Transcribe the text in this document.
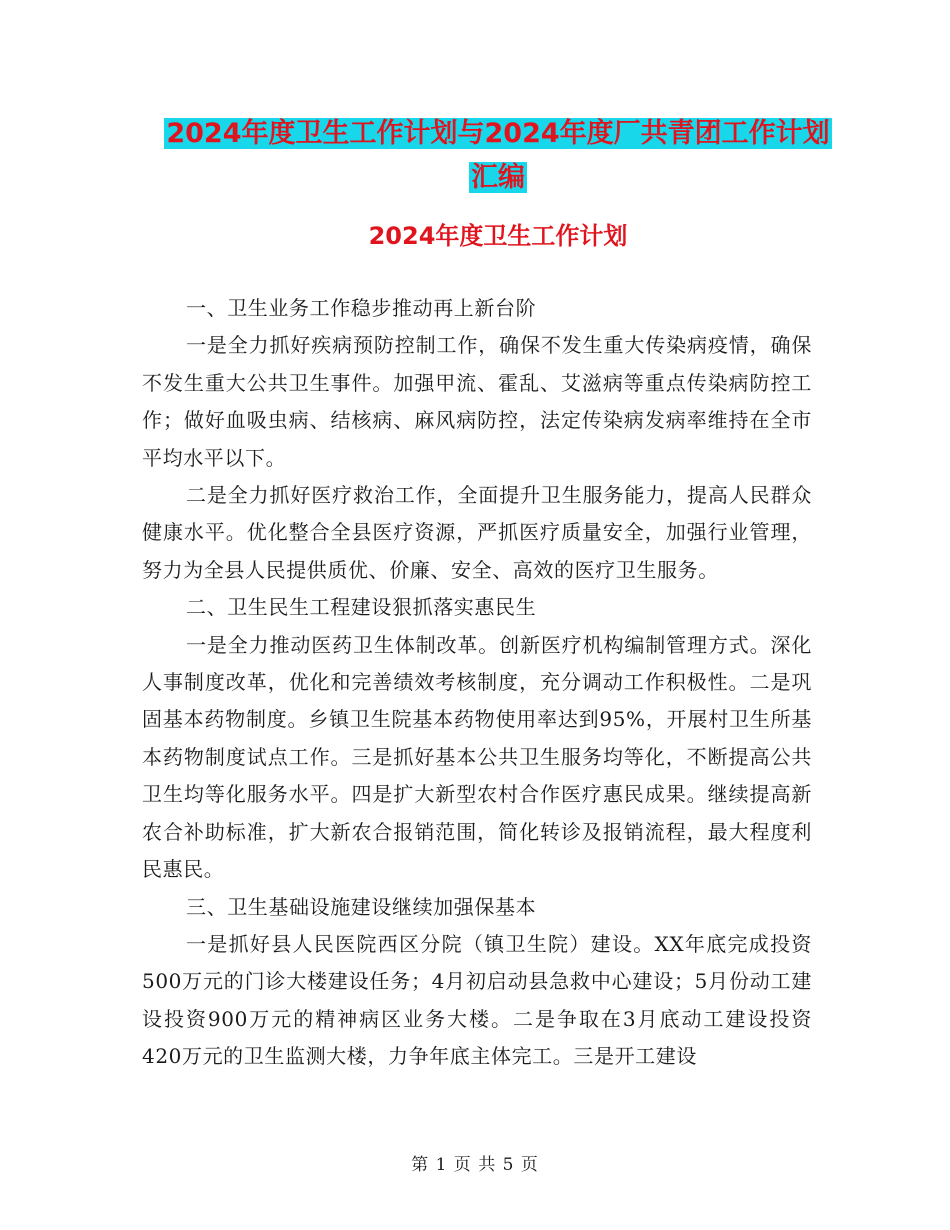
2024年度卫生工作计划与2024年度厂共青团工作计划
汇编
2024年度卫生工作计划

一、卫生业务工作稳步推动再上新台阶

一是全力抓好疾病预防控制工作，确保不发生重大传染病疫情，确保不发生重大公共卫生事件。加强甲流、霍乱、艾滋病等重点传染病防控工作；做好血吸虫病、结核病、麻风病防控，法定传染病发病率维持在全市平均水平以下。

二是全力抓好医疗救治工作，全面提升卫生服务能力，提高人民群众健康水平。优化整合全县医疗资源，严抓医疗质量安全，加强行业管理，努力为全县人民提供质优、价廉、安全、高效的医疗卫生服务。

二、卫生民生工程建设狠抓落实惠民生

一是全力推动医药卫生体制改革。创新医疗机构编制管理方式。深化人事制度改革，优化和完善绩效考核制度，充分调动工作积极性。二是巩固基本药物制度。乡镇卫生院基本药物使用率达到95%，开展村卫生所基本药物制度试点工作。三是抓好基本公共卫生服务均等化，不断提高公共卫生均等化服务水平。四是扩大新型农村合作医疗惠民成果。继续提高新农合补助标准，扩大新农合报销范围，简化转诊及报销流程，最大程度利民惠民。

三、卫生基础设施建设继续加强保基本

一是抓好县人民医院西区分院（镇卫生院）建设。XX年底完成投资500万元的门诊大楼建设任务；4月初启动县急救中心建设；5月份动工建设投资900万元的精神病区业务大楼。二是争取在3月底动工建设投资420万元的卫生监测大楼，力争年底主体完工。三是开工建设

第 1 页 共 5 页
